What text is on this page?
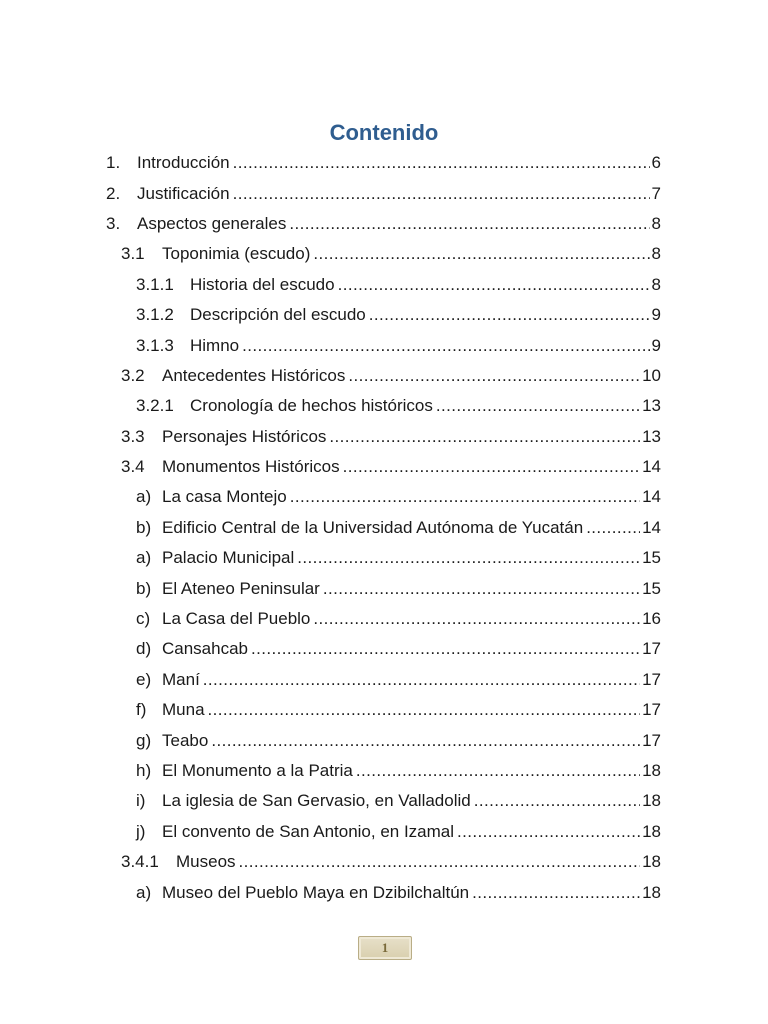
Contenido
1. Introducción .....	6
2. Justificación .....	7
3. Aspectos generales .....	8
3.1	Toponimia (escudo) .....	8
3.1.1 Historia del escudo .....	8
3.1.2 Descripción del escudo .....	9
3.1.3 Himno .....	9
3.2	Antecedentes Históricos .....	10
3.2.1 Cronología de hechos históricos .....	13
3.3	Personajes Históricos .....	13
3.4	Monumentos Históricos .....	14
a) La casa Montejo .....	14
b) Edificio Central de la Universidad Autónoma de Yucatán .....	14
a) Palacio Municipal .....	15
b) El Ateneo Peninsular .....	15
c) La Casa del Pueblo .....	16
d) Cansahcab .....	17
e) Maní .....	17
f) Muna .....	17
g) Teabo .....	17
h) El Monumento a la Patria .....	18
i) La iglesia de San Gervasio, en Valladolid .....	18
j) El convento de San Antonio, en Izamal .....	18
3.4.1	Museos .....	18
a) Museo del Pueblo Maya en Dzibilchaltún .....	18
1
